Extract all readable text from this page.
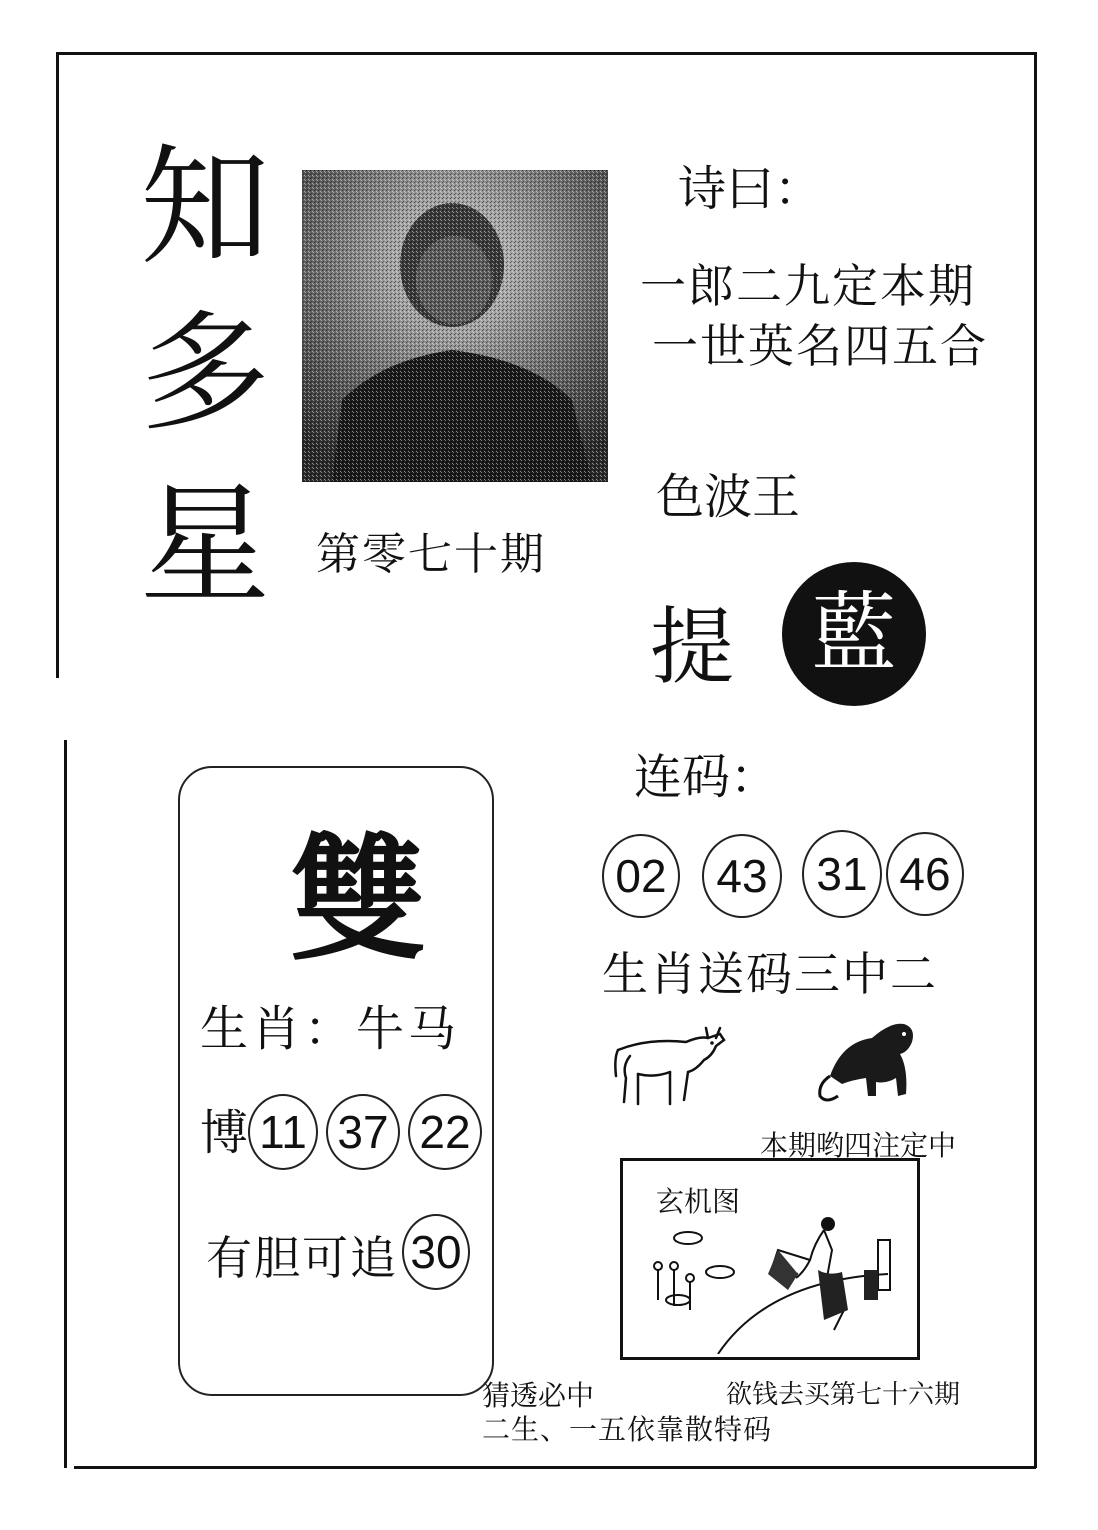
知
多
星 第零七十期
诗曰：
一郎二九定本期
一世英名四五合
色波王
提 藍
连码：
02	43	31 46
生肖送码三中二
本期哟四注定中
玄机图
猜透必中	欲钱去买第七十六期
二生、一五依靠散特码
雙
生肖：牛马
博 11 37 22
有胆可追 30
